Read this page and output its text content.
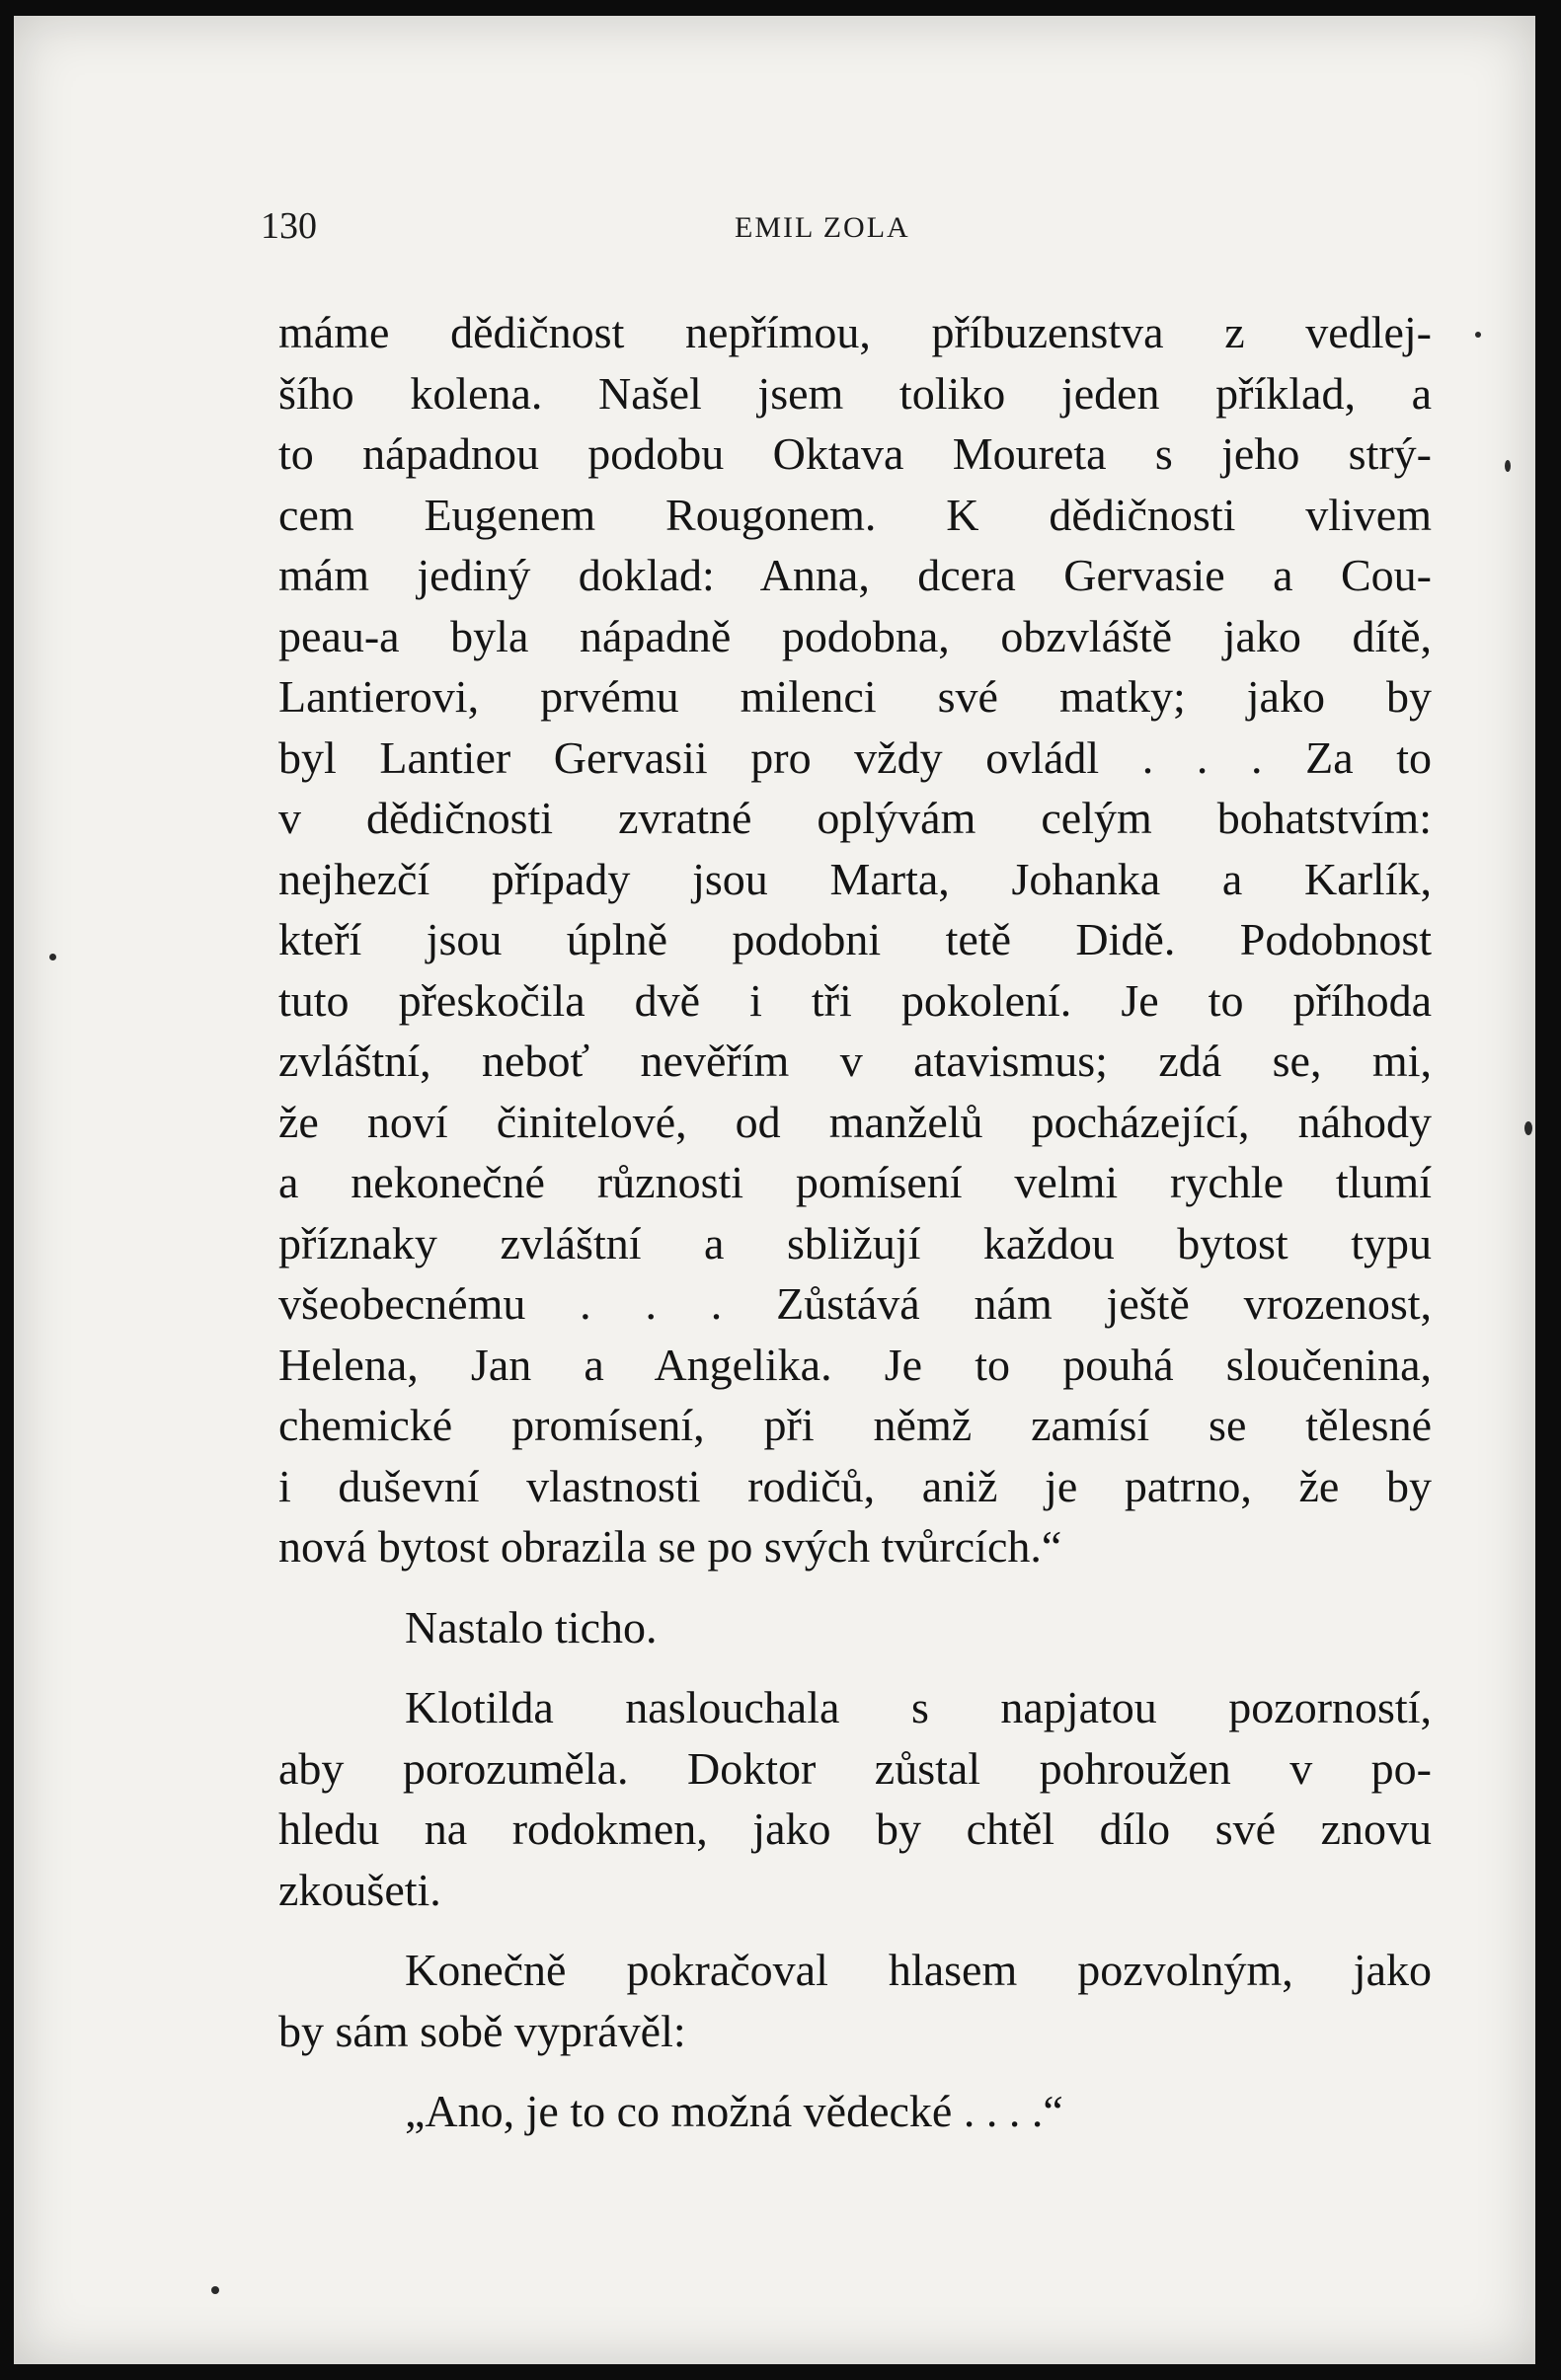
130	EMIL ZOLA
máme dědičnost nepřímou, příbuzenstva z vedlej-
šího kolena. Našel jsem toliko jeden příklad, a
to nápadnou podobu Oktava Moureta s jeho strý-
cem Eugenem Rougonem. K dědičnosti vlivem
mám jediný doklad: Anna, dcera Gervasie a Cou-
peau-a byla nápadně podobna, obzvláště jako dítě,
Lantierovi, prvému milenci své matky; jako by
byl Lantier Gervasii pro vždy ovládl . . . Za to
v dědičnosti zvratné oplývám celým bohatstvím:
nejhezčí případy jsou Marta, Johanka a Karlík,
kteří jsou úplně podobni tetě Didě. Podobnost
tuto přeskočila dvě i tři pokolení. Je to příhoda
zvláštní, neboť nevěřím v atavismus; zdá se, mi,
že noví činitelové, od manželů pocházející, náhody
a nekonečné různosti pomísení velmi rychle tlumí
příznaky zvláštní a sbližují každou bytost typu
všeobecnému . . . Zůstává nám ještě vrozenost,
Helena, Jan a Angelika. Je to pouhá sloučenina,
chemické promísení, při němž zamísí se tělesné
i duševní vlastnosti rodičů, aniž je patrno, že by
nová bytost obrazila se po svých tvůrcích.“
Nastalo ticho.
Klotilda naslouchala s napjatou pozorností,
aby porozuměla. Doktor zůstal pohroužen v po-
hledu na rodokmen, jako by chtěl dílo své znovu
zkoušeti.
Konečně pokračoval hlasem pozvolným, jako
by sám sobě vyprávěl:
„Ano, je to co možná vědecké . . . .“
